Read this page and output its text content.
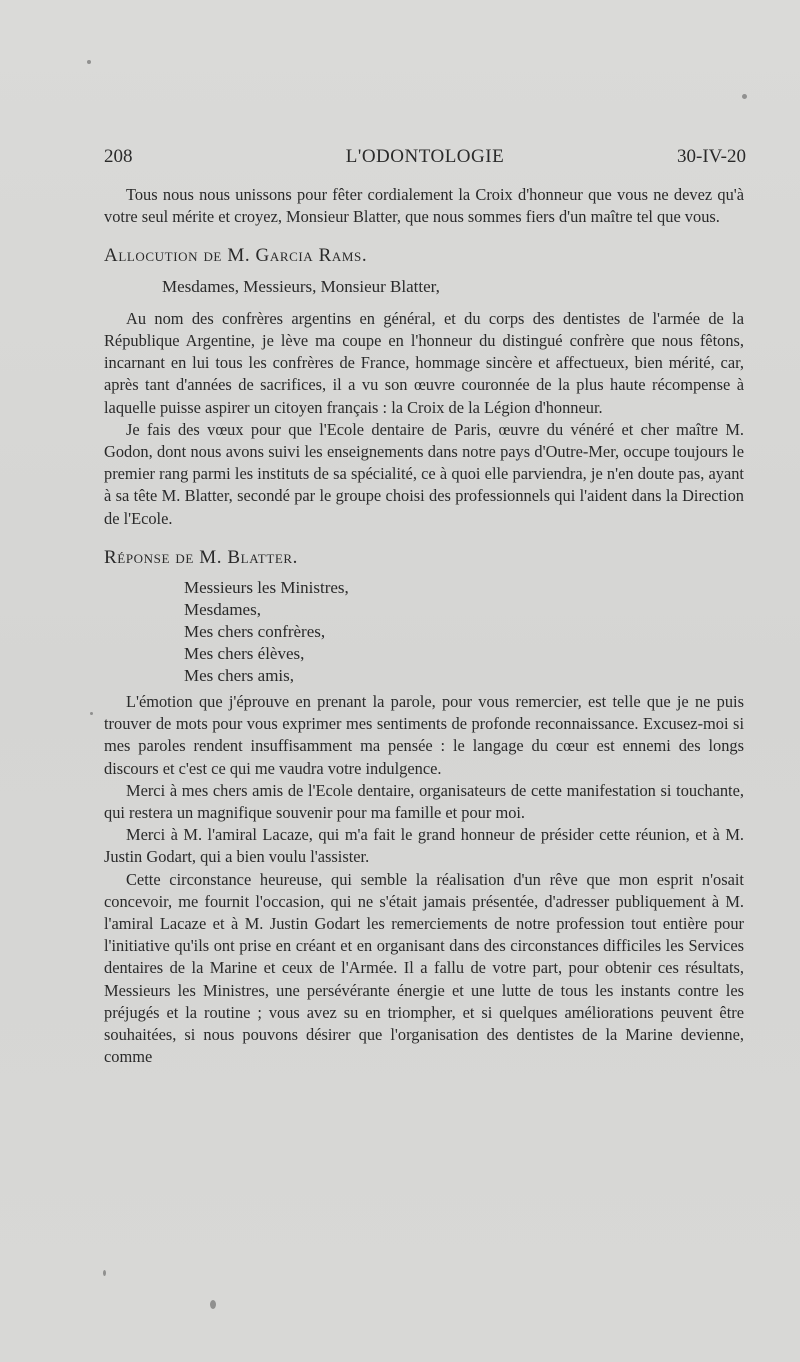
208	L'ODONTOLOGIE	30-IV-20

Tous nous nous unissons pour fêter cordialement la Croix d'honneur que vous ne devez qu'à votre seul mérite et croyez, Monsieur Blatter, que nous sommes fiers d'un maître tel que vous.

Allocution de M. Garcia Rams.

Mesdames, Messieurs, Monsieur Blatter,

Au nom des confrères argentins en général, et du corps des dentistes de l'armée de la République Argentine, je lève ma coupe en l'honneur du distingué confrère que nous fêtons, incarnant en lui tous les confrères de France, hommage sincère et affectueux, bien mérité, car, après tant d'années de sacrifices, il a vu son œuvre couronnée de la plus haute récompense à laquelle puisse aspirer un citoyen français : la Croix de la Légion d'honneur.

Je fais des vœux pour que l'Ecole dentaire de Paris, œuvre du vénéré et cher maître M. Godon, dont nous avons suivi les enseignements dans notre pays d'Outre-Mer, occupe toujours le premier rang parmi les instituts de sa spécialité, ce à quoi elle parviendra, je n'en doute pas, ayant à sa tête M. Blatter, secondé par le groupe choisi des professionnels qui l'aident dans la Direction de l'Ecole.

Réponse de M. Blatter.

Messieurs les Ministres,
Mesdames,
Mes chers confrères,
Mes chers élèves,
Mes chers amis,

L'émotion que j'éprouve en prenant la parole, pour vous remercier, est telle que je ne puis trouver de mots pour vous exprimer mes sentiments de profonde reconnaissance. Excusez-moi si mes paroles rendent insuffisamment ma pensée : le langage du cœur est ennemi des longs discours et c'est ce qui me vaudra votre indulgence.

Merci à mes chers amis de l'Ecole dentaire, organisateurs de cette manifestation si touchante, qui restera un magnifique souvenir pour ma famille et pour moi.

Merci à M. l'amiral Lacaze, qui m'a fait le grand honneur de présider cette réunion, et à M. Justin Godart, qui a bien voulu l'assister.

Cette circonstance heureuse, qui semble la réalisation d'un rêve que mon esprit n'osait concevoir, me fournit l'occasion, qui ne s'était jamais présentée, d'adresser publiquement à M. l'amiral Lacaze et à M. Justin Godart les remerciements de notre profession tout entière pour l'initiative qu'ils ont prise en créant et en organisant dans des circonstances difficiles les Services dentaires de la Marine et ceux de l'Armée. Il a fallu de votre part, pour obtenir ces résultats, Messieurs les Ministres, une persévérante énergie et une lutte de tous les instants contre les préjugés et la routine ; vous avez su en triompher, et si quelques améliorations peuvent être souhaitées, si nous pouvons désirer que l'organisation des dentistes de la Marine devienne, comme
